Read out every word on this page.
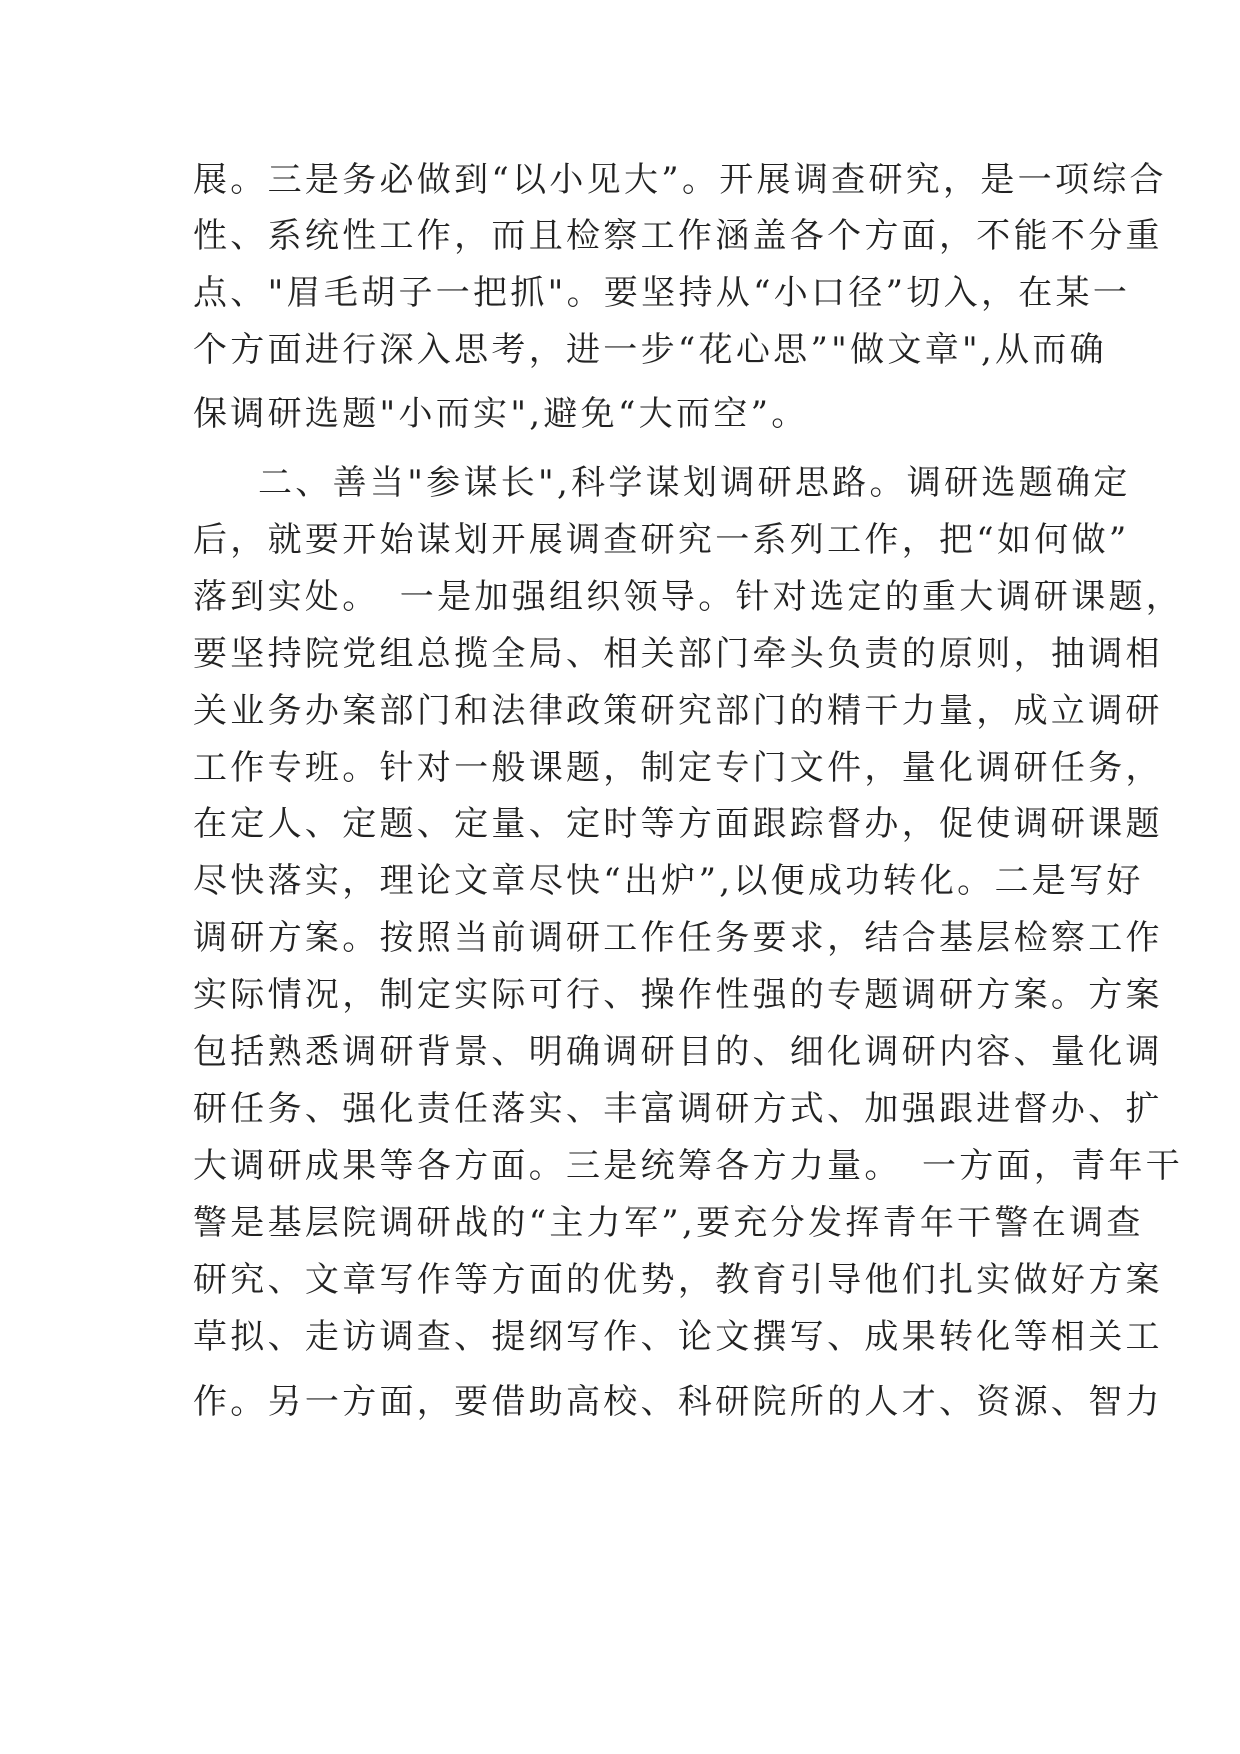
展。三是务必做到“以小见大”。开展调查研究，是一项综合
性、系统性工作，而且检察工作涵盖各个方面，不能不分重
点、"眉毛胡子一把抓"。要坚持从“小口径”切入，在某一
个方面进行深入思考，进一步“花心思”"做文章",从而确
保调研选题"小而实",避免“大而空”。
二、善当"参谋长",科学谋划调研思路。调研选题确定
后，就要开始谋划开展调查研究一系列工作，把“如何做”
落到实处。　一是加强组织领导。针对选定的重大调研课题，
要坚持院党组总揽全局、相关部门牵头负责的原则，抽调相
关业务办案部门和法律政策研究部门的精干力量，成立调研
工作专班。针对一般课题，制定专门文件，量化调研任务，
在定人、定题、定量、定时等方面跟踪督办，促使调研课题
尽快落实，理论文章尽快“出炉”,以便成功转化。二是写好
调研方案。按照当前调研工作任务要求，结合基层检察工作
实际情况，制定实际可行、操作性强的专题调研方案。方案
包括熟悉调研背景、明确调研目的、细化调研内容、量化调
研任务、强化责任落实、丰富调研方式、加强跟进督办、扩
大调研成果等各方面。三是统筹各方力量。　一方面，青年干
警是基层院调研战的“主力军”,要充分发挥青年干警在调查
研究、文章写作等方面的优势，教育引导他们扎实做好方案
草拟、走访调查、提纲写作、论文撰写、成果转化等相关工
作。另一方面，要借助高校、科研院所的人才、资源、智力
